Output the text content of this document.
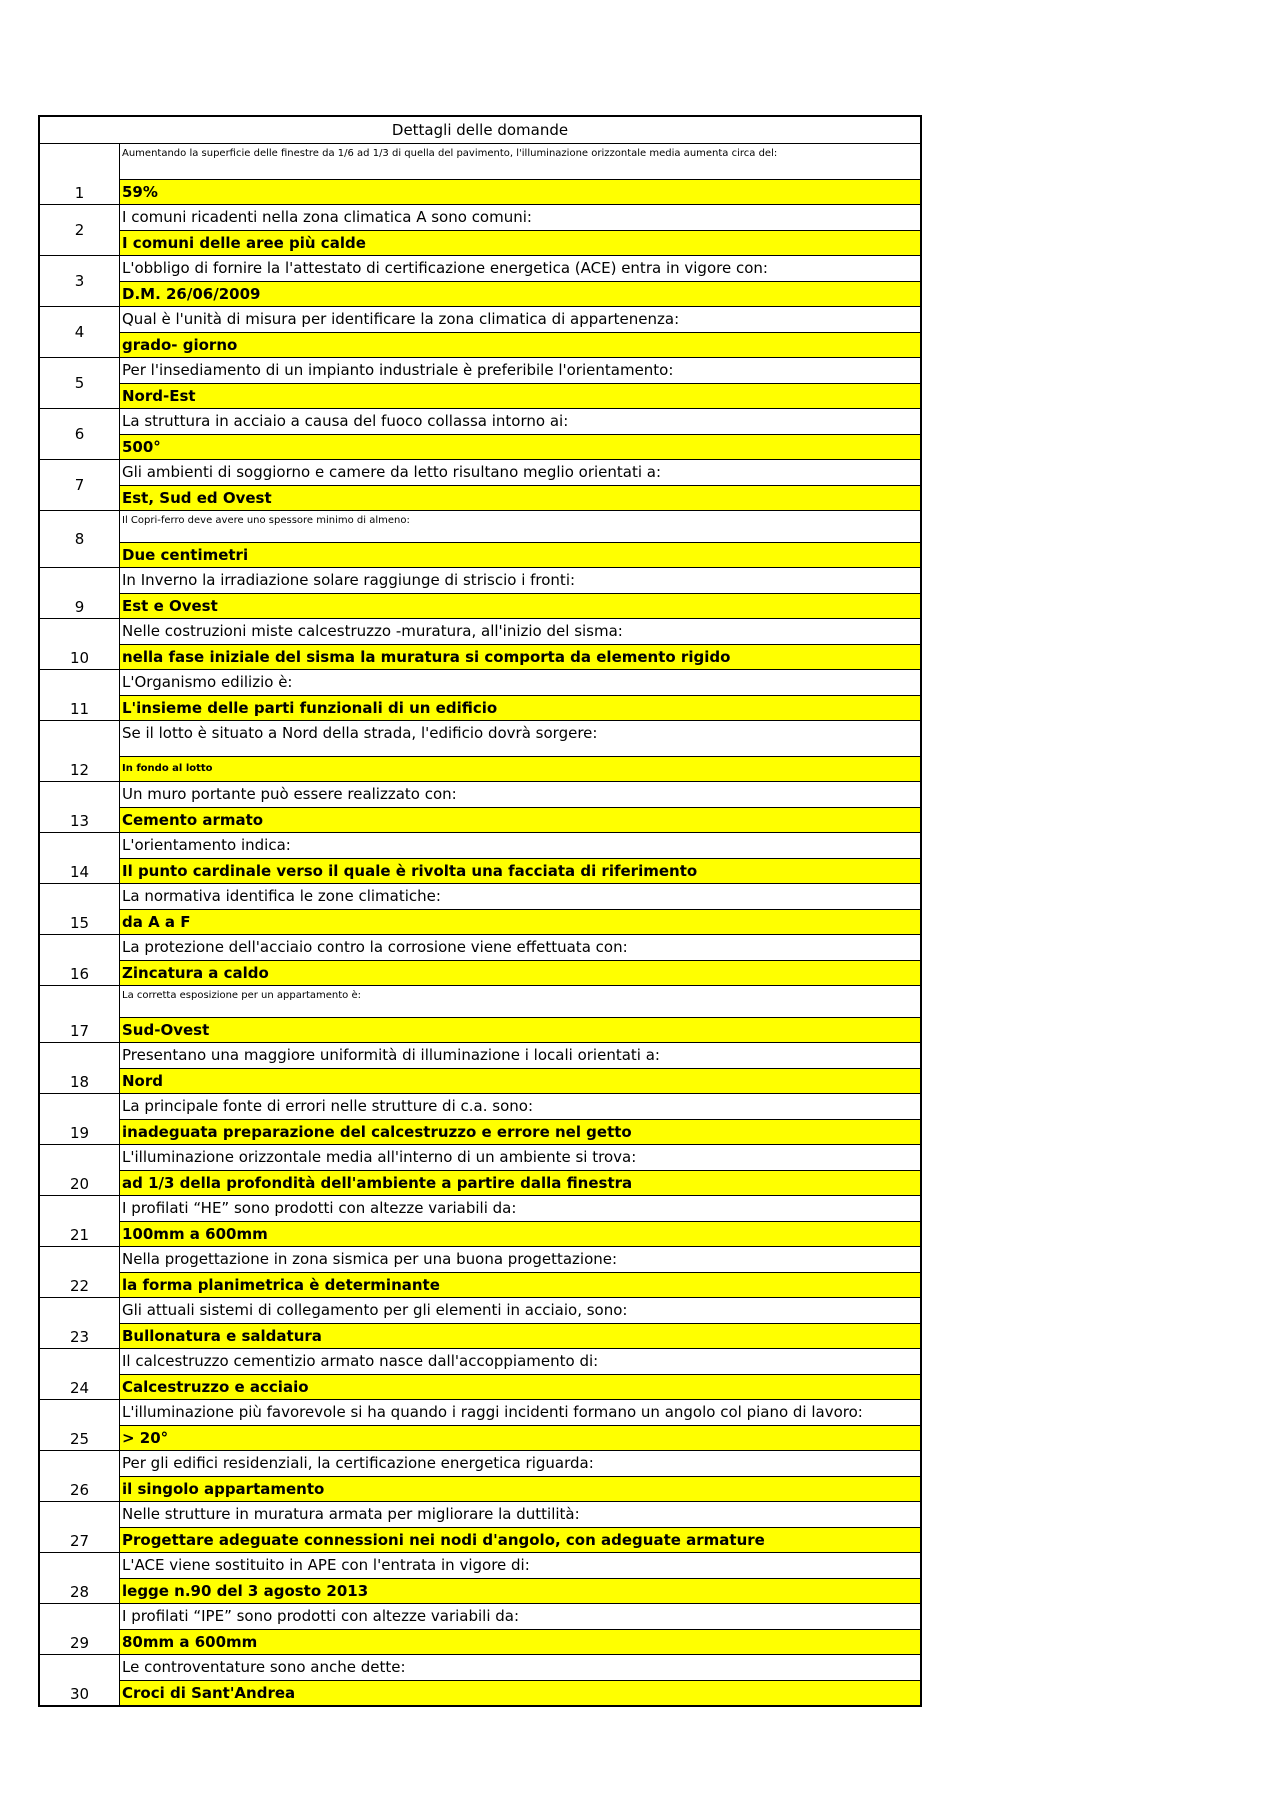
Dettagli delle domande
1
Aumentando la superficie delle finestre da 1/6 ad 1/3 di quella del pavimento, l'illuminazione orizzontale media aumenta circa del:
59%
2
I comuni ricadenti nella zona climatica A sono comuni:
I comuni delle aree più calde
3
L'obbligo di fornire la l'attestato di certificazione energetica (ACE) entra in vigore con:
D.M. 26/06/2009
4
Qual è l'unità di misura per identificare la zona climatica di appartenenza:
grado- giorno
5
Per l'insediamento di un impianto industriale è preferibile l'orientamento:
Nord-Est
6
La struttura in acciaio a causa del fuoco collassa intorno ai:
500°
7
Gli ambienti di soggiorno e camere da letto risultano meglio orientati a:
Est, Sud ed Ovest
8
Il Copri-ferro deve avere uno spessore minimo di almeno:
Due centimetri
9
In Inverno la irradiazione solare raggiunge di striscio i fronti:
Est e Ovest
10
Nelle costruzioni miste calcestruzzo -muratura, all'inizio del sisma:
nella fase iniziale del sisma la muratura si comporta da elemento rigido
11
L'Organismo edilizio è:
L'insieme delle parti funzionali di un edificio
12
Se il lotto è situato a Nord della strada, l'edificio dovrà sorgere:
In fondo al lotto
13
Un muro portante può essere realizzato con:
Cemento armato
14
L'orientamento indica:
Il punto cardinale verso il quale è rivolta una facciata di riferimento
15
La normativa identifica le zone climatiche:
da A a F
16
La protezione dell'acciaio contro la corrosione viene effettuata con:
Zincatura a caldo
17
La corretta esposizione per un appartamento è:
Sud-Ovest
18
Presentano una maggiore uniformità di illuminazione i locali orientati a:
Nord
19
La principale fonte di errori nelle strutture di c.a. sono:
inadeguata preparazione del calcestruzzo e errore nel getto
20
L'illuminazione orizzontale media all'interno di un ambiente si trova:
ad 1/3 della profondità dell'ambiente a partire dalla finestra
21
I profilati “HE” sono prodotti con altezze variabili da:
100mm a 600mm
22
Nella progettazione in zona sismica per una buona progettazione:
la forma planimetrica è determinante
23
Gli attuali sistemi di collegamento per gli elementi in acciaio, sono:
Bullonatura e saldatura
24
Il calcestruzzo cementizio armato nasce dall'accoppiamento di:
Calcestruzzo e acciaio
25
L'illuminazione più favorevole si ha quando i raggi incidenti formano un angolo col piano di lavoro:
> 20°
26
Per gli edifici residenziali, la certificazione energetica riguarda:
il singolo appartamento
27
Nelle strutture in muratura armata per migliorare la duttilità:
Progettare adeguate connessioni nei nodi d'angolo, con adeguate armature
28
L'ACE viene sostituito in APE con l'entrata in vigore di:
legge n.90 del 3 agosto 2013
29
I profilati “IPE” sono prodotti con altezze variabili da:
80mm a 600mm
30
Le controventature sono anche dette:
Croci di Sant'Andrea
